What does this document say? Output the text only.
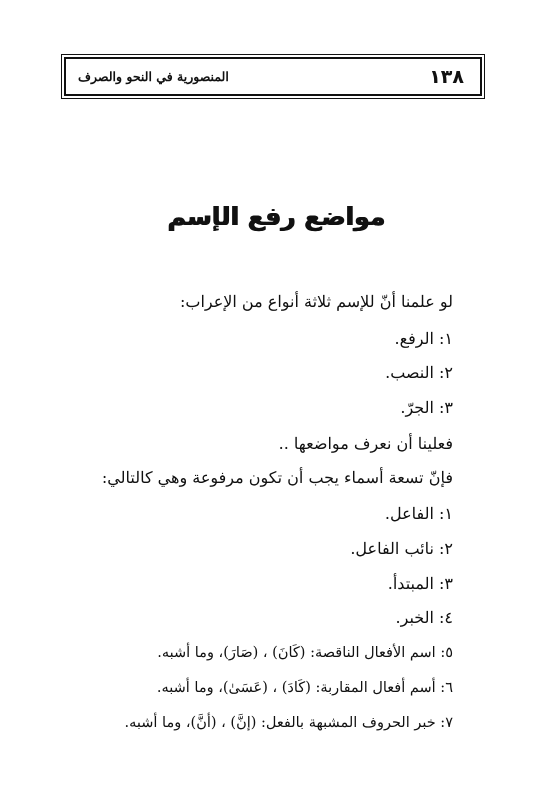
١٣٨
المنصورية في النحو والصرف
مواضع رفع الإسم
لو علمنا أنّ للإسم ثلاثة أنواع من الإعراب:
١: الرفع.
٢: النصب.
٣: الجرّ.
فعلينا أن نعرف مواضعها ..
فإنّ تسعة أسماء يجب أن تكون مرفوعة وهي كالتالي:
١: الفاعل.
٢: نائب الفاعل.
٣: المبتدأ.
٤: الخبر.
٥: اسم الأفعال الناقصة: (كَانَ) ، (صَارَ)، وما أشبه.
٦: أسم أفعال المقاربة: (كَادَ) ، (عَسَىٰ)، وما أشبه.
٧: خبر الحروف المشبهة بالفعل: (إنَّ) ، (أنَّ)، وما أشبه.
